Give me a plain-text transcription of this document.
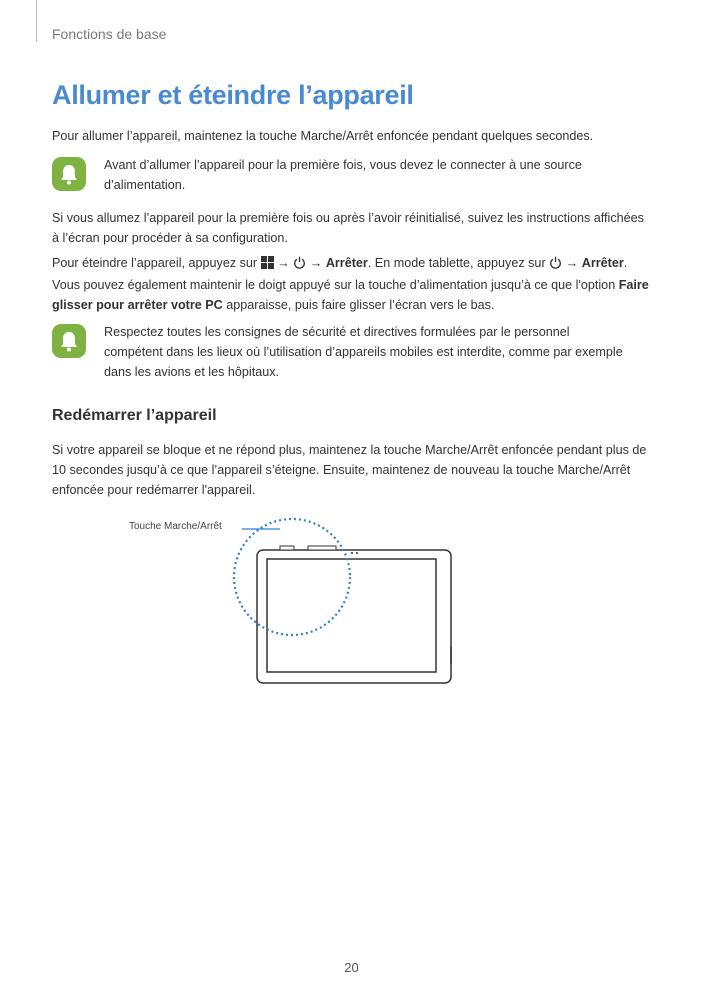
Fonctions de base
Allumer et éteindre l’appareil

Pour allumer l’appareil, maintenez la touche Marche/Arrêt enfoncée pendant quelques secondes.

Avant d’allumer l’appareil pour la première fois, vous devez le connecter à une source d’alimentation.

Si vous allumez l’appareil pour la première fois ou après l’avoir réinitialisé, suivez les instructions affichées à l’écran pour procéder à sa configuration.

Pour éteindre l’appareil, appuyez sur → → Arrêter. En mode tablette, appuyez sur → Arrêter. Vous pouvez également maintenir le doigt appuyé sur la touche d’alimentation jusqu’à ce que l'option Faire glisser pour arrêter votre PC apparaisse, puis faire glisser l’écran vers le bas.

Respectez toutes les consignes de sécurité et directives formulées par le personnel compétent dans les lieux où l’utilisation d’appareils mobiles est interdite, comme par exemple dans les avions et les hôpitaux.

Redémarrer l’appareil

Si votre appareil se bloque et ne répond plus, maintenez la touche Marche/Arrêt enfoncée pendant plus de 10 secondes jusqu’à ce que l’appareil s’éteigne. Ensuite, maintenez de nouveau la touche Marche/Arrêt enfoncée pour redémarrer l'appareil.

Touche Marche/Arrêt
20
